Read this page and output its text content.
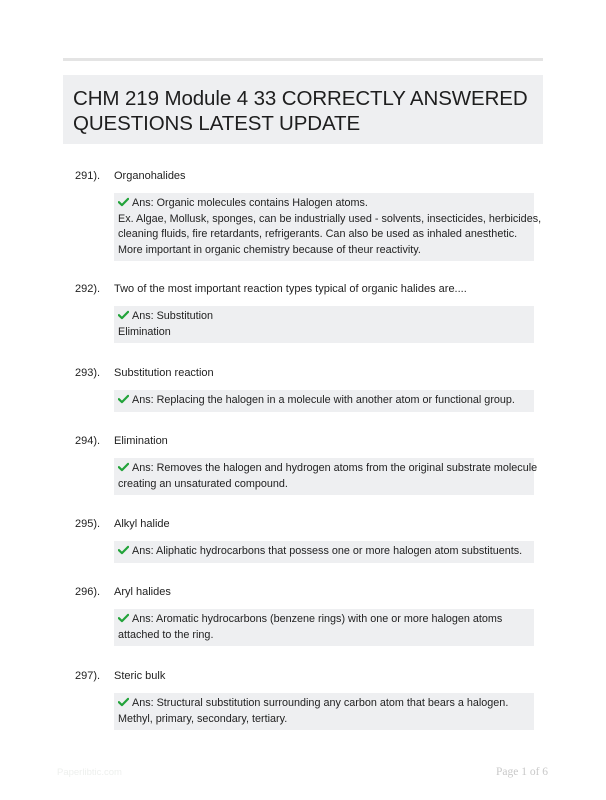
CHM 219 Module 4 33 CORRECTLY ANSWERED
QUESTIONS LATEST UPDATE
291). Organohalides
Ans: Organic molecules contains Halogen atoms.
Ex. Algae, Mollusk, sponges, can be industrially used - solvents, insecticides, herbicides,
cleaning fluids, fire retardants, refrigerants. Can also be used as inhaled anesthetic.
More important in organic chemistry because of theur reactivity.
292). Two of the most important reaction types typical of organic halides are....
Ans: Substitution
Elimination
293). Substitution reaction
Ans: Replacing the halogen in a molecule with another atom or functional group.
294). Elimination
Ans: Removes the halogen and hydrogen atoms from the original substrate molecule
creating an unsaturated compound.
295). Alkyl halide
Ans: Aliphatic hydrocarbons that possess one or more halogen atom substituents.
296). Aryl halides
Ans: Aromatic hydrocarbons (benzene rings) with one or more halogen atoms
attached to the ring.
297). Steric bulk
Ans: Structural substitution surrounding any carbon atom that bears a halogen.
Methyl, primary, secondary, tertiary.
Paperlibtic.com	Page 1 of 6
